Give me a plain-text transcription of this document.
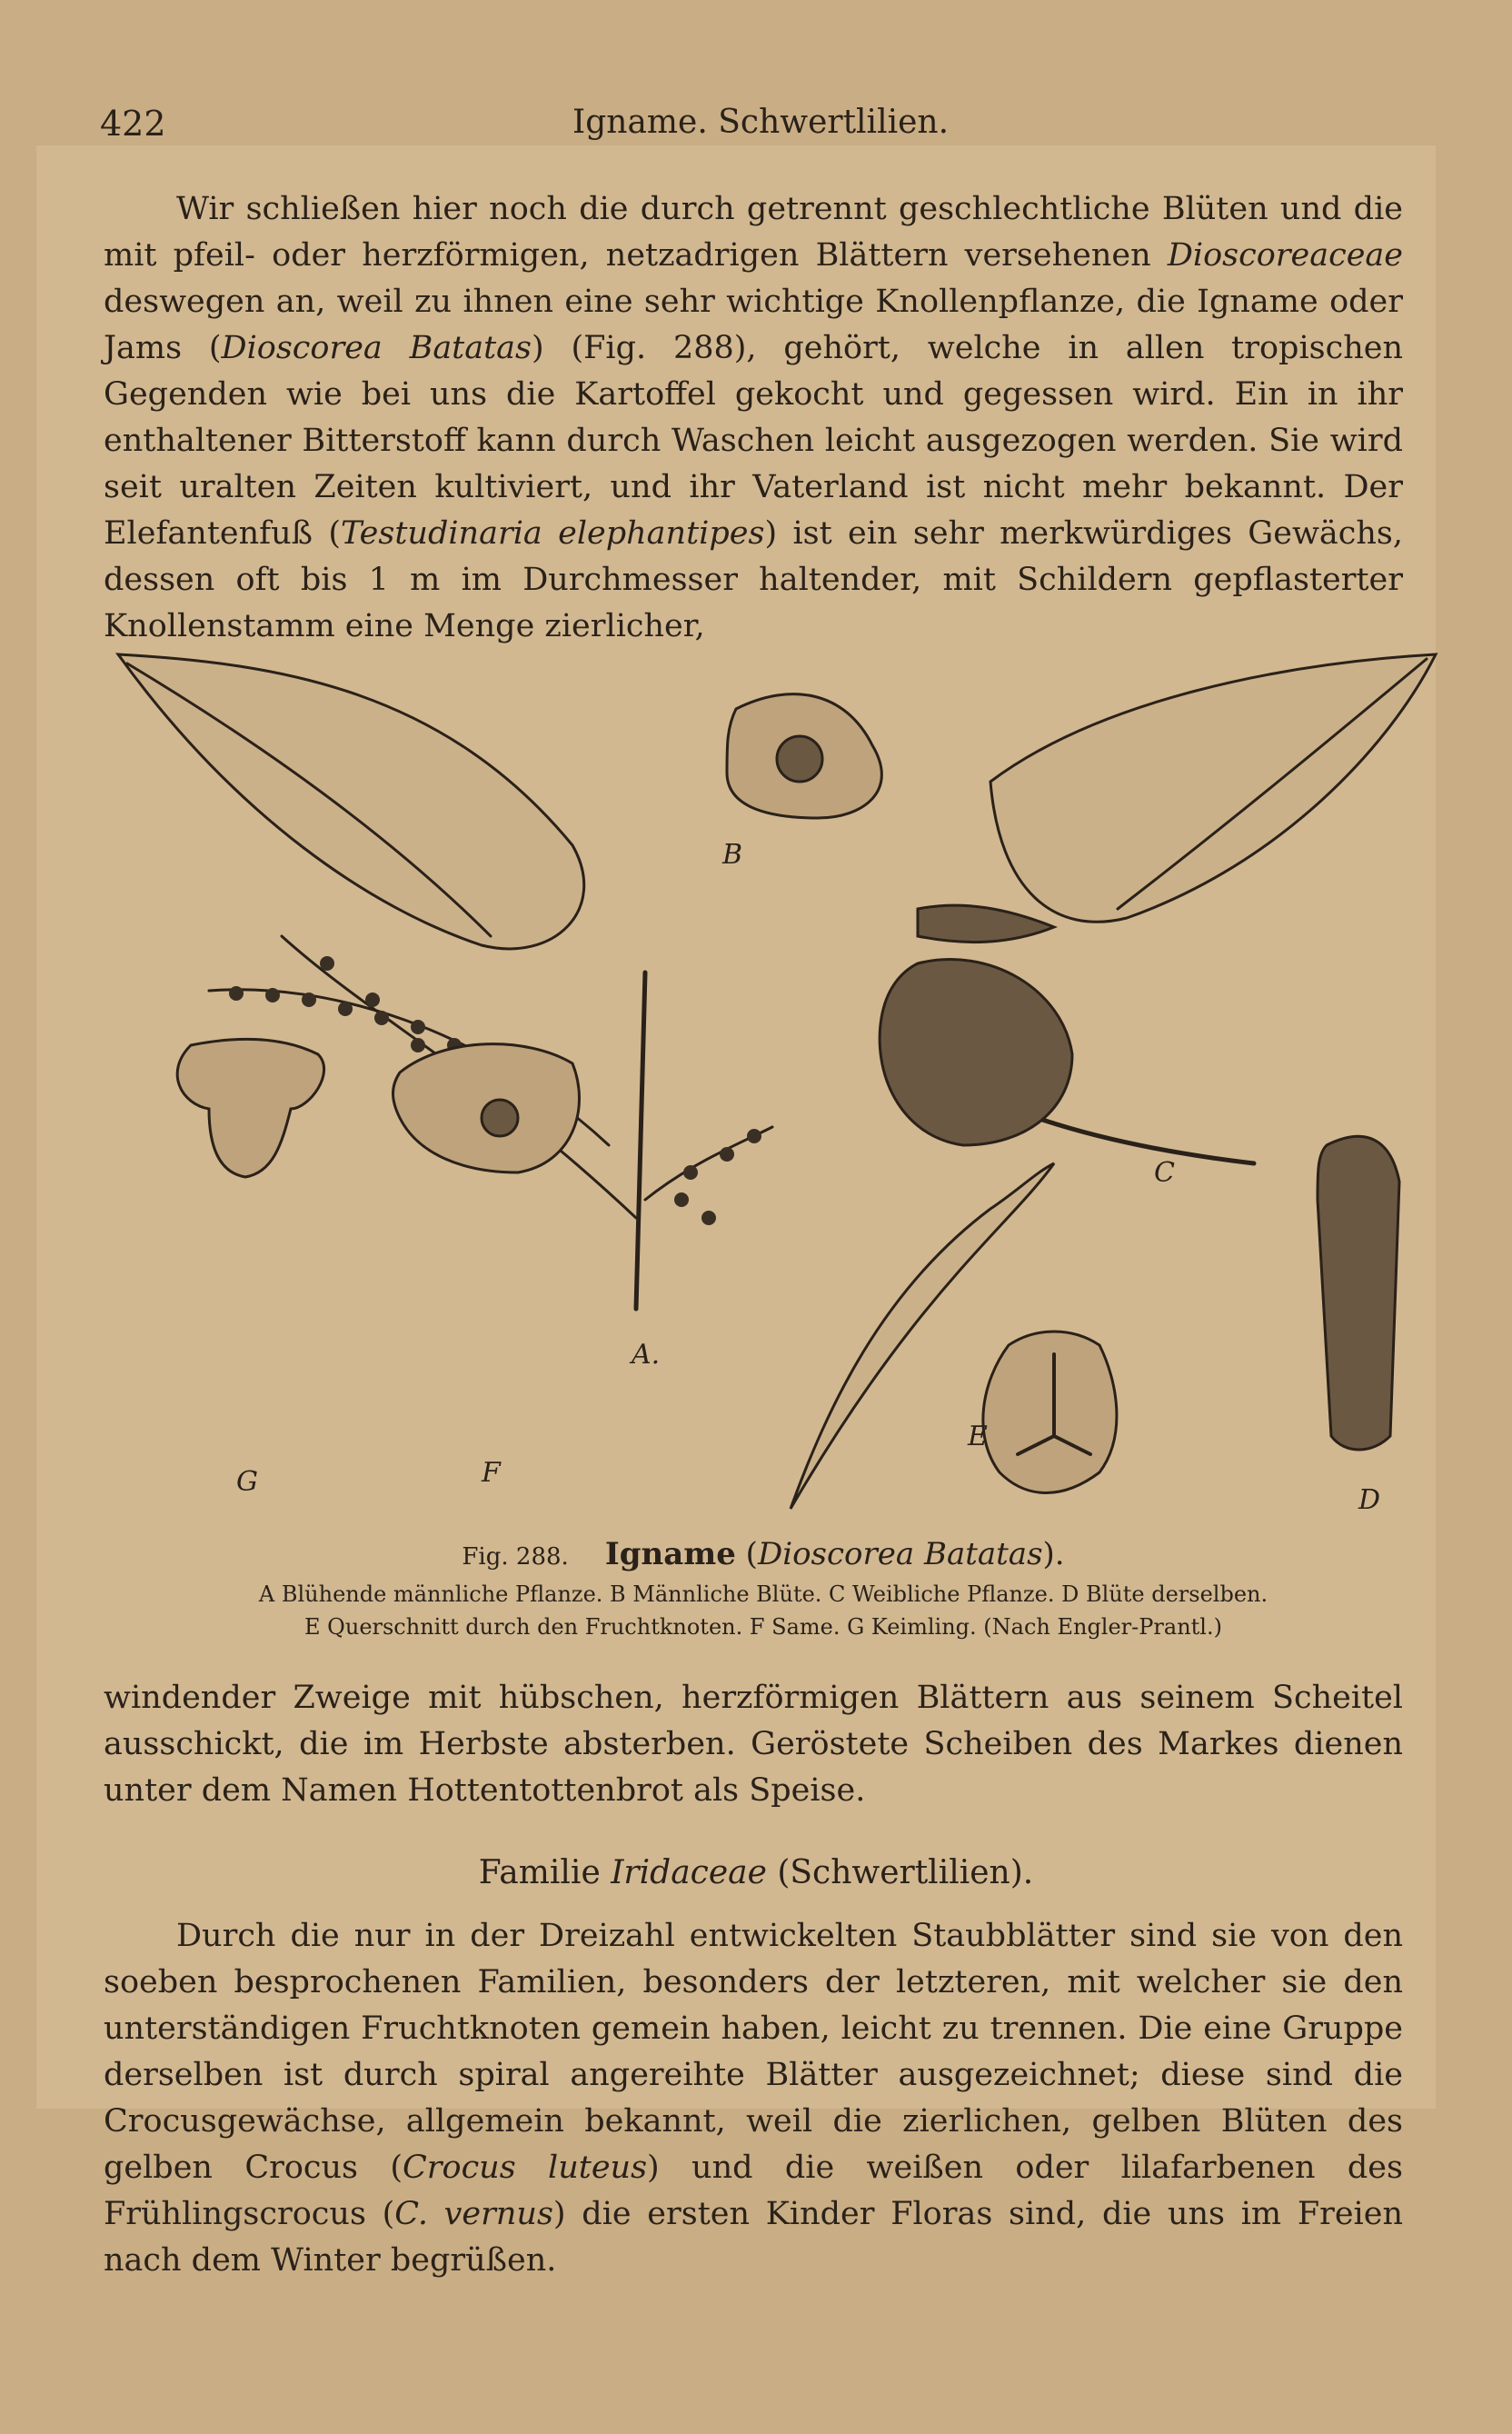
422	Igname. Schwertlilien.

Wir schließen hier noch die durch getrennt geschlechtliche Blüten und die mit pfeil- oder herzförmigen, netzadrigen Blättern versehenen Dioscoreaceae deswegen an, weil zu ihnen eine sehr wichtige Knollenpflanze, die Igname oder Jams (Dioscorea Batatas) (Fig. 288), gehört, welche in allen tropischen Gegenden wie bei uns die Kartoffel gekocht und gegessen wird. Ein in ihr enthaltener Bitterstoff kann durch Waschen leicht ausgezogen werden. Sie wird seit uralten Zeiten kultiviert, und ihr Vaterland ist nicht mehr bekannt. Der Elefantenfuß (Testudinaria elephantipes) ist ein sehr merkwürdiges Gewächs, dessen oft bis 1 m im Durchmesser haltender, mit Schildern gepflasterter Knollenstamm eine Menge zierlicher,

A.
B
C
D
E
F
G
Fig. 288. Igname (Dioscorea Batatas).
A Blühende männliche Pflanze. B Männliche Blüte. C Weibliche Pflanze. D Blüte derselben.
E Querschnitt durch den Fruchtknoten. F Same. G Keimling. (Nach Engler-Prantl.)

windender Zweige mit hübschen, herzförmigen Blättern aus seinem Scheitel ausschickt, die im Herbste absterben. Geröstete Scheiben des Markes dienen unter dem Namen Hottentottenbrot als Speise.

Familie Iridaceae (Schwertlilien).

Durch die nur in der Dreizahl entwickelten Staubblätter sind sie von den soeben besprochenen Familien, besonders der letzteren, mit welcher sie den unterständigen Fruchtknoten gemein haben, leicht zu trennen. Die eine Gruppe derselben ist durch spiral angereihte Blätter ausgezeichnet; diese sind die Crocusgewächse, allgemein bekannt, weil die zierlichen, gelben Blüten des gelben Crocus (Crocus luteus) und die weißen oder lilafarbenen des Frühlingscrocus (C. vernus) die ersten Kinder Floras sind, die uns im Freien nach dem Winter begrüßen.
